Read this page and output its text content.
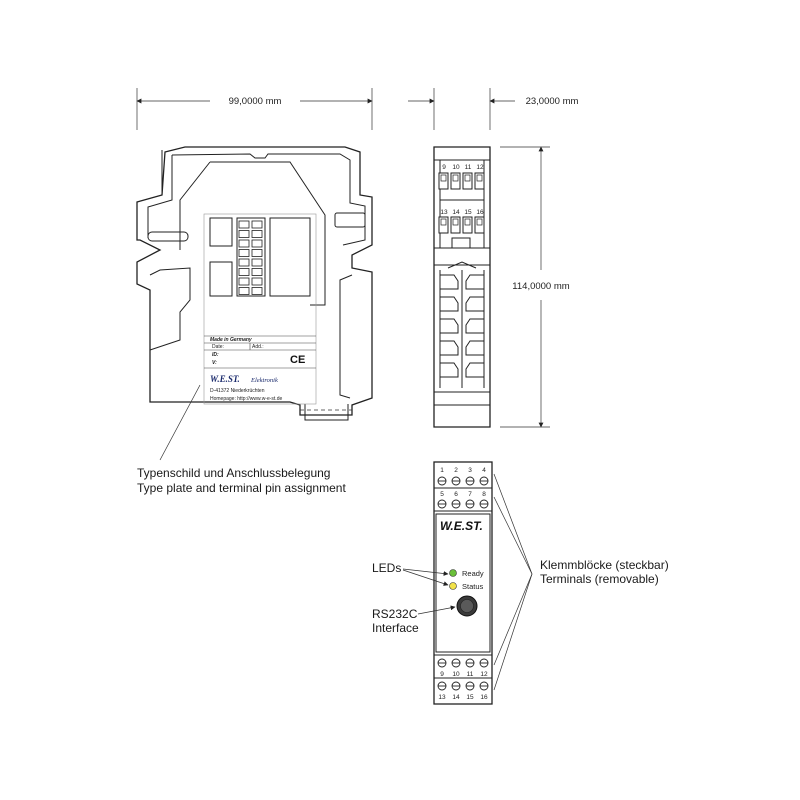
99,0000 mm	23,0000 mm
114,0000 mm
Made in Germany
Date:	Add.:
ID:
V:	CE
W.E.ST. Elektronik
D-41372 Niederkrüchten
Homepage: http://www.w-e-st.de
Typenschild und Anschlussbelegung
Type plate and terminal pin assignment
9 10 11 12
13 14 15 16
W.E.ST.
1 2 3 4
5 6 7 8
9 10 11 12
13 14 15 16
Ready
Status
LEDs
RS232C
Interface
Klemmblöcke (steckbar)
Terminals (removable)
